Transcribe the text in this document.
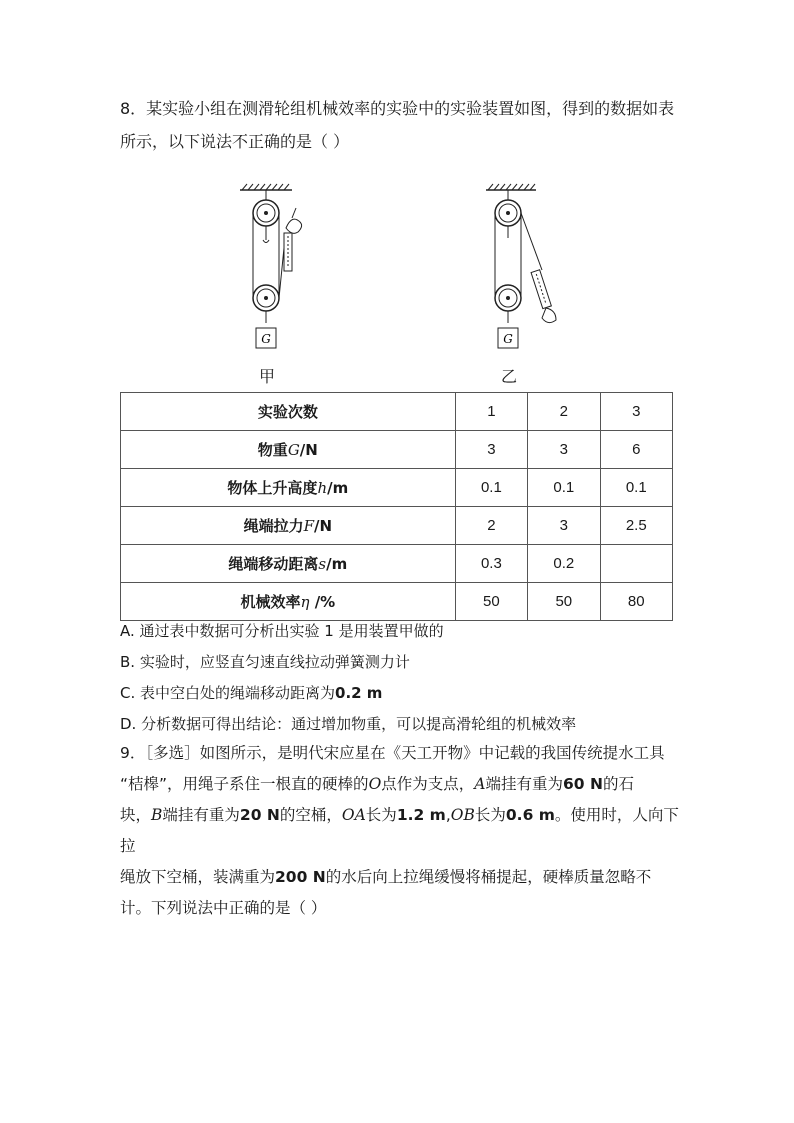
8．某实验小组在测滑轮组机械效率的实验中的实验装置如图，得到的数据如表所示，以下说法不正确的是（ ）
G
甲
G
乙
实验次数	1	2	3
物重G/N	3	3	6
物体上升高度h/m	0.1	0.1	0.1
绳端拉力F/N	2	3	2.5
绳端移动距离s/m	0.3	0.2	
机械效率η /%	50	50	80
A. 通过表中数据可分析出实验 1 是用装置甲做的
B. 实验时，应竖直匀速直线拉动弹簧测力计
C. 表中空白处的绳端移动距离为0.2 m
D. 分析数据可得出结论：通过增加物重，可以提高滑轮组的机械效率

9．［多选］如图所示，是明代宋应星在《天工开物》中记载的我国传统提水工具

“桔槔”，用绳子系住一根直的硬棒的O点作为支点，A端挂有重为60 N的石

块，B端挂有重为20 N的空桶，OA长为1.2 m,OB长为0.6 m。使用时，人向下拉

绳放下空桶，装满重为200 N的水后向上拉绳缓慢将桶提起，硬棒质量忽略不

计。下列说法中正确的是（ ）
